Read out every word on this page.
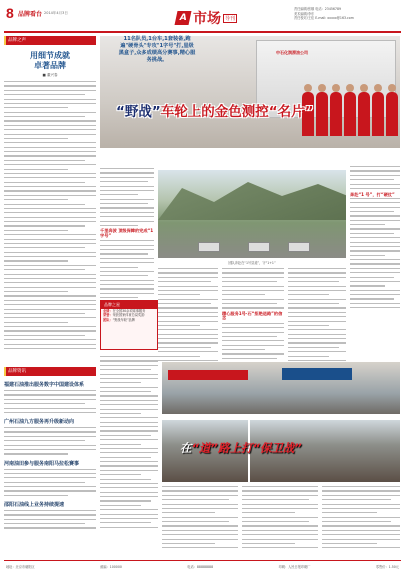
8 品牌看台 2014年4月3日	A 市场 导刊
责任编辑/张顺 电话：23456789
美术编辑/李东
责任校对/王佳 E-mail: xxxxx@163.com
品牌之声
用细节成就
卓著品牌
■ 董兴春
品牌资讯
福建石油推出服务数字中国建设体系
广州石油九方服务再升级新动向
河南油田参与服务南阳马拉松赛事
邵阳石油线上业务持续提速
中石化润滑油公司
11名队员,1台车,1套装备,跑遍"硬骨头"专攻"1字号"打,星级黑盒子,众多成绩高分赛事,精心服务挑战。
“野战”车轮上的金色测控“名片”
千里奔波 顶级保障的完成“1字号”
团队奔赴在“1号县道”，守“1+1”
奔赴“1 号”，打“硬仗”
精心服务1号·石“拒绝退路”的信念
品牌之星
业绩：在全国30余项赛事服务
荣誉：荣获国家体育总局奖励
团队：“野战车轮”品牌
在“道”路上打“保卫战”
地址：北京市朝阳区	邮编：100000	电话：88888888	印刷：人民日报印刷厂	零售价：1.50元
